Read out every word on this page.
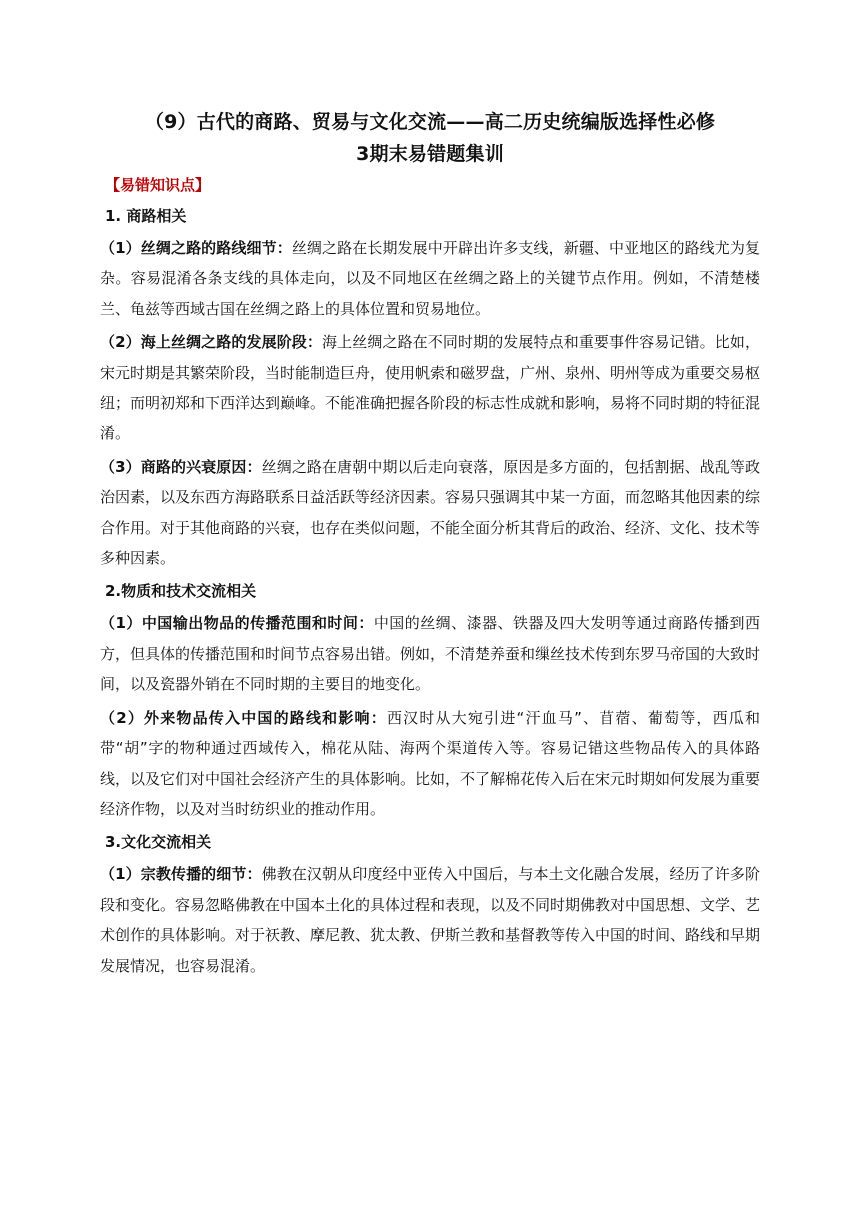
（9）古代的商路、贸易与文化交流——高二历史统编版选择性必修
3期末易错题集训
【易错知识点】
1. 商路相关

（1）丝绸之路的路线细节：丝绸之路在长期发展中开辟出许多支线，新疆、中亚地区的路线尤为复杂。容易混淆各条支线的具体走向，以及不同地区在丝绸之路上的关键节点作用。例如，不清楚楼兰、龟兹等西域古国在丝绸之路上的具体位置和贸易地位。

（2）海上丝绸之路的发展阶段：海上丝绸之路在不同时期的发展特点和重要事件容易记错。比如，宋元时期是其繁荣阶段，当时能制造巨舟，使用帆索和磁罗盘，广州、泉州、明州等成为重要交易枢纽；而明初郑和下西洋达到巅峰。不能准确把握各阶段的标志性成就和影响，易将不同时期的特征混淆。

（3）商路的兴衰原因：丝绸之路在唐朝中期以后走向衰落，原因是多方面的，包括割据、战乱等政治因素，以及东西方海路联系日益活跃等经济因素。容易只强调其中某一方面，而忽略其他因素的综合作用。对于其他商路的兴衰，也存在类似问题，不能全面分析其背后的政治、经济、文化、技术等多种因素。

2.物质和技术交流相关

（1）中国输出物品的传播范围和时间：中国的丝绸、漆器、铁器及四大发明等通过商路传播到西方，但具体的传播范围和时间节点容易出错。例如，不清楚养蚕和缫丝技术传到东罗马帝国的大致时间，以及瓷器外销在不同时期的主要目的地变化。

（2）外来物品传入中国的路线和影响：西汉时从大宛引进“汗血马”、苜蓿、葡萄等，西瓜和带“胡”字的物种通过西域传入，棉花从陆、海两个渠道传入等。容易记错这些物品传入的具体路线，以及它们对中国社会经济产生的具体影响。比如，不了解棉花传入后在宋元时期如何发展为重要经济作物，以及对当时纺织业的推动作用。

3.文化交流相关

（1）宗教传播的细节：佛教在汉朝从印度经中亚传入中国后，与本土文化融合发展，经历了许多阶段和变化。容易忽略佛教在中国本土化的具体过程和表现，以及不同时期佛教对中国思想、文学、艺术创作的具体影响。对于祆教、摩尼教、犹太教、伊斯兰教和基督教等传入中国的时间、路线和早期发展情况，也容易混淆。
